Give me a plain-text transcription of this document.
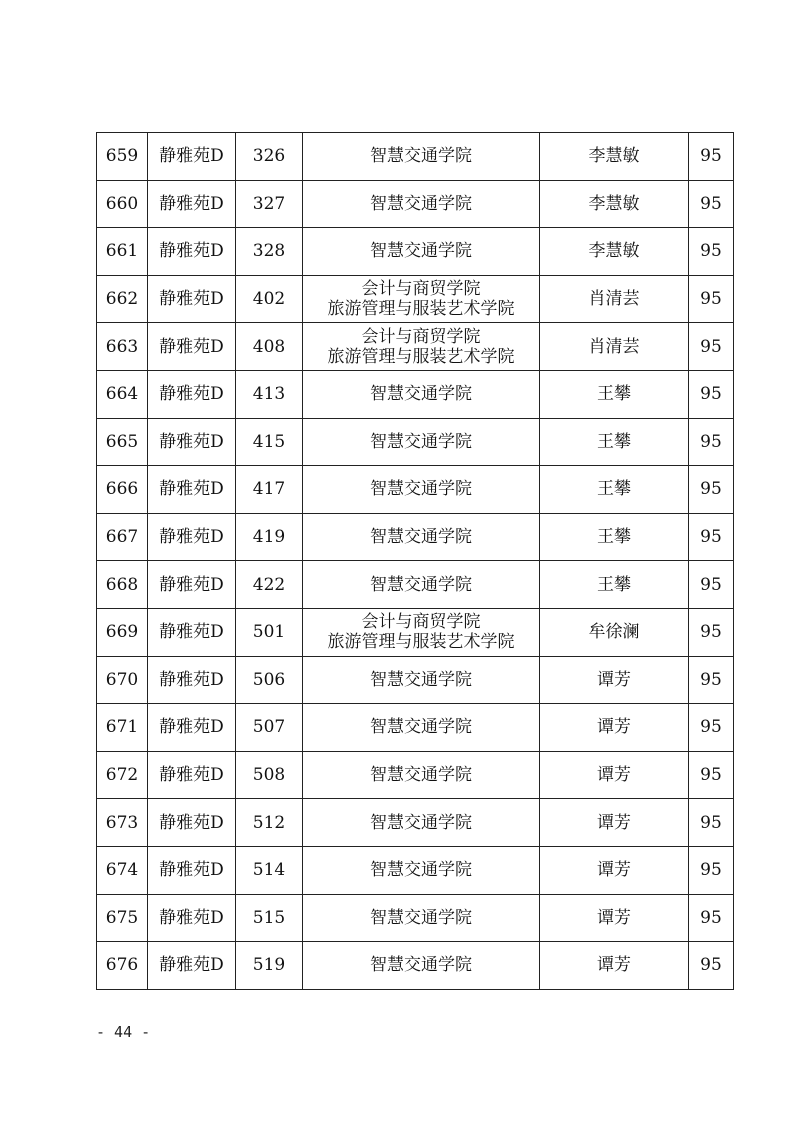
659	静雅苑D	326	智慧交通学院	李慧敏	95
660	静雅苑D	327	智慧交通学院	李慧敏	95
661	静雅苑D	328	智慧交通学院	李慧敏	95
662	静雅苑D	402	会计与商贸学院
旅游管理与服装艺术学院	肖清芸	95
663	静雅苑D	408	会计与商贸学院
旅游管理与服装艺术学院	肖清芸	95
664	静雅苑D	413	智慧交通学院	王攀	95
665	静雅苑D	415	智慧交通学院	王攀	95
666	静雅苑D	417	智慧交通学院	王攀	95
667	静雅苑D	419	智慧交通学院	王攀	95
668	静雅苑D	422	智慧交通学院	王攀	95
669	静雅苑D	501	会计与商贸学院
旅游管理与服装艺术学院	牟徐澜	95
670	静雅苑D	506	智慧交通学院	谭芳	95
671	静雅苑D	507	智慧交通学院	谭芳	95
672	静雅苑D	508	智慧交通学院	谭芳	95
673	静雅苑D	512	智慧交通学院	谭芳	95
674	静雅苑D	514	智慧交通学院	谭芳	95
675	静雅苑D	515	智慧交通学院	谭芳	95
676	静雅苑D	519	智慧交通学院	谭芳	95
- 44 -
